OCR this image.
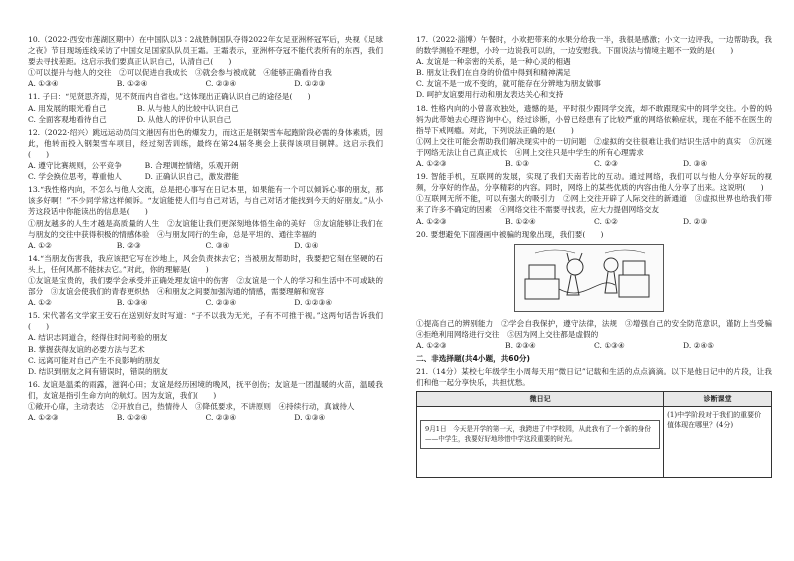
10.（2022·西安市莲湖区期中）在中国队以3∶2战胜韩国队夺得2022年女足亚洲杯冠军后，央视《足球之夜》节目现场连线采访了中国女足国家队队员王霜。王霜表示，亚洲杯夺冠不能代表所有的东西，我们要去寻找差距。这启示我们要真正认识自己，认清自己(　　)

①可以提升与他人的交往　②可以促进自我成长　③就会参与被成就　④能够正确看待自我

A. ①③④	B. ①②④	C. ②③④	D. ①②③

11. 子曰：“见贤思齐焉，见不贤而内自省也。”这体现出正确认识自己的途径是(　　)

A. 用发展的眼光看自己　　　　B. 从与他人的比较中认识自己

C. 全面客观地看待自己　　　　D. 从他人的评价中认识自己

12.（2022·绍兴）跳远运动员闫文港因有出色的爆发力，而这正是钢架雪车起跑阶段必需的身体素质，因此，他转而投入钢架雪车项目，经过刻苦训练，最终在第24届冬奥会上获得该项目铜牌。这启示我们(　　)

A. 遵守比赛规则，公平竞争　　　B. 合理调控情绪，乐观开朗

C. 学会换位思考，尊重他人　　　D. 正确认识自己，激发潜能

13.“我性格内向，不怎么与他人交流，总是把心事写在日记本里，如果能有一个可以倾诉心事的朋友，那该多好啊！”不少同学常这样倾诉。“友谊能使人们与自己对话，与自己对话才能找到今天的好朋友。”从小芳这段话中你能读出的信息是(　　)

①朋友越多的人生才越是高质量的人生　②友谊能让我们更深刻地体悟生命的美好　③友谊能够让我们在与朋友的交往中获得积极的情感体验　④与朋友同行的生命，总是平坦的、通往幸福的

A. ①②	B. ②③	C. ③④	D. ①④

14.“当朋友伤害我，我应该把它写在沙地上，风会负责抹去它；当被朋友帮助时，我要把它刻在坚硬的石头上，任何风都不能抹去它。”对此，你的理解是(　　)

①友谊是宝贵的，我们要学会承受并正确处理友谊中的伤害　②友谊是一个人的学习和生活中不可或缺的部分　③友谊会使我们的青春更炽热　④和朋友之间要加强沟通的情感，需要理解和宽容

A. ①②	B. ①③④	C. ②③④	D. ①②③④

15. 宋代著名文学家王安石在送别好友时写道：“子不以我为无光，子有不可推于视。”这两句话告诉我们(　　)

A. 结识志同道合，经得住时间考验的朋友

B. 掌握获得友谊的必要方法与艺术

C. 远离可能对自己产生不良影响的朋友

D. 结识到朋友之间有错误时，错误的朋友

16. 友谊是温柔的雨露，滋润心田；友谊是经历困境的晚风，抚平创伤；友谊是一团温暖的火苗，温暖我们，友谊是指引生命方向的航灯。因为友谊，我们(　　)

①敞开心扉，主动表达　②开放自己，热情待人　③降低要求，不讲原则　④持续行动，真诚待人

A. ①②③	B. ①②④	C. ②③④	D. ①③④

17.（2022·淄博）午餐时，小欢把带来的水果分给我一半，我很是感激；小文一边评我，一边帮助我，我的数学测验不理想，小玲一边说我可以的，一边安慰我。下面说法与情境主题不一致的是(　　)

A. 友谊是一种亲密的关系，是一种心灵的相遇

B. 朋友让我们在自身的价值中得到和精神满足

C. 友谊不是一成不变的，就可能存在分辨地为朋友做事

D. 呵护友谊要用行动和朋友表达关心和支持

18. 性格内向的小曾喜欢独处，遗憾的是，平时很少跟同学交流，却不敢跟现实中的同学交往。小曾的妈妈为此带她去心理咨询中心，经过诊断，小曾已经患有了比较严重的网络依赖症状，现在不能不在医生的指导下戒网瘾。对此，下列说法正确的是(　　)

①网上交往可能会帮助我们解决现实中的一切问题　②虚拟的交往很难让我们结识生活中的真实　③沉迷于网络无法让自己真正成长　④网上交往只是中学生的所有心理需求

A. ①②③	B. ①③	C. ②③	D. ③④

19. 智能手机，互联网的发展，实现了我们天南若比的互动。通过网络，我们可以与他人分享好玩的视频，分享好的作品，分享精彩的内容。同时，网络上的某些优质的内容由他人分享了出来。这说明(　　)

①互联网无所不能，可以有强大的吸引力　②网上交往开辟了人际交往的新通道　③虚拟世界也给我们带来了许多不确定的因素　④网络交往不需要寻找表，应大力提倡网络交友

A. ①②③	B. ①②④	C. ①②	D. ②③

20. 要想避免下面漫画中被骗的现象出现，我们要(　　)

①提高自己的辨别能力　②学会自我保护，遵守法律，法规　③增强自己的安全防范意识，谨防上当受骗　④拒绝利用网络进行交往　⑤因为网上交往都是虚假的

A. ①②③	B. ②③④	C. ①③④	D. ②④⑤
二、非选择题(共4小题，共60分)

21.（14分）某校七年级学生小周每天用“微日记”记载和生活的点点滴滴。以下是他日记中的片段，让我们和他一起分享快乐，共担忧愁。

微日记	诊断课堂

9月1日　今天是开学的第一天，我跨进了中学校园，从此我有了一个新的身份——中学生，我要好好地珍惜中学这段重要的时光。	(1)中学阶段对于我们的重要价值体现在哪里？(4分)
